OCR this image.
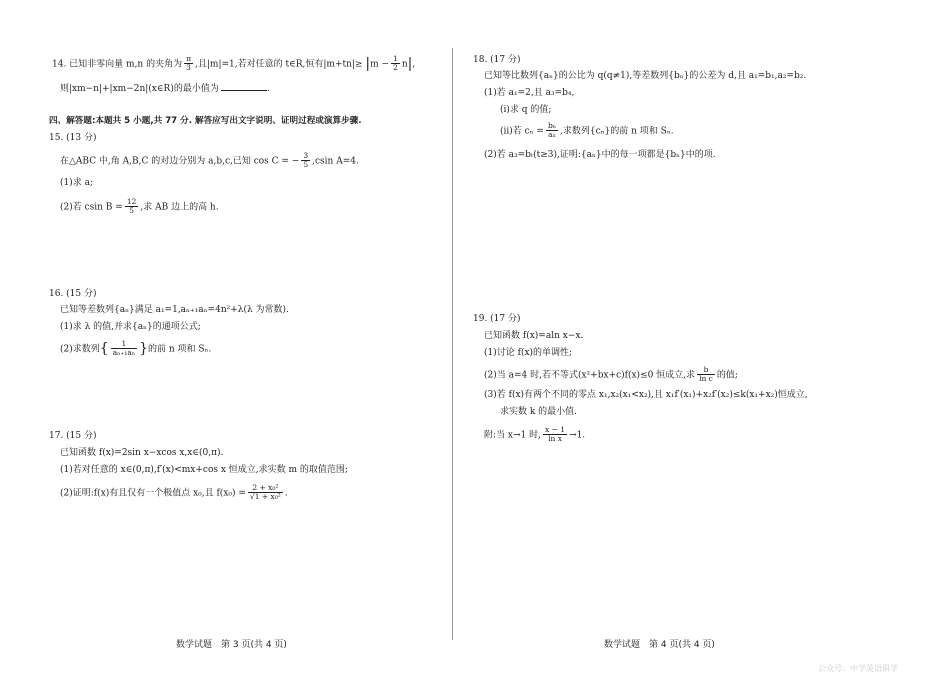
14. 已知非零向量 m,n 的夹角为 $\frac{\pi}{3}$ ,且|m|=1,若对任意的 t∈R,恒有$|m+tn|\ge |m - \frac{1}{2} n|$,
则|xm−n|+|xm−2n|(x∈R)的最小值为	.
四、解答题:本题共 5 小题,共 77 分. 解答应写出文字说明、证明过程或演算步骤.
15. (13 分)
在△ABC 中,角 A,B,C 的对边分别为 a,b,c,已知 cos C = − $\frac{3}{5} ,csin$ A=4.
(1)求 a;
(2)若 csin $B = \frac{12}{5}$ ,求 AB 边上的高 h.
16. (15 分)
已知等差数列{aₙ}满足 a₁=1,aₙ₊₁aₙ=4n²+λ(λ 为常数).
(1)求 λ 的值,并求{aₙ}的通项公式;
(2)求数列{ $\frac{1}{\text{aₙ₊₁aₙ}}$ }的前 n 项和 Sₙ.
17. (15 分)
已知函数 f(x)=2sin x−xcos x,x∈(0,π).
(1)若对任意的 x∈(0,π),f′(x)<mx+cos x 恒成立,求实数 m 的取值范围;
(2)证明:f(x)有且仅有一个极值点 x₀,且 $f(x_0) = \frac{\text{2 + x₀²}}{\text{√1 + x₀²}}$ .
数学试题　第 3 页(共 4 页)
18. (17 分)
已知等比数列{aₙ}的公比为 q(q≠1),等差数列{bₙ}的公差为 d,且 a₁=b₁,a₂=b₂.
(1)若 a₁=2,且 a₃=b₄,
(ⅰ)求 q 的值;
(ⅱ)若 $c_n = \frac{\text{bₙ}}{\text{aₙ}}$ ,求数列{cₙ}的前 n 项和 Sₙ.
(2)若 a₃=bₜ(t≥3),证明:{aₙ}中的每一项都是{bₙ}中的项.
19. (17 分)
已知函数 f(x)=aln x−x.
(1)讨论 f(x)的单调性;
(2)当 a=4 时,若不等式(x²+bx+c)f(x)≤0 恒成立,求 $\frac{b}{\text{ln c}}$ 的值;
(3)若 f(x)有两个不同的零点 x₁,x₂(x₁<x₂),且 x₁f′(x₁)+x₂f′(x₂)≤k(x₁+x₂)恒成立,
求实数 k 的最小值.
附:当 x→1 时, $\frac{x - 1}{\text{ln x}} \to 1$.
数学试题　第 4 页(共 4 页)
公众号：中学英语俱学
